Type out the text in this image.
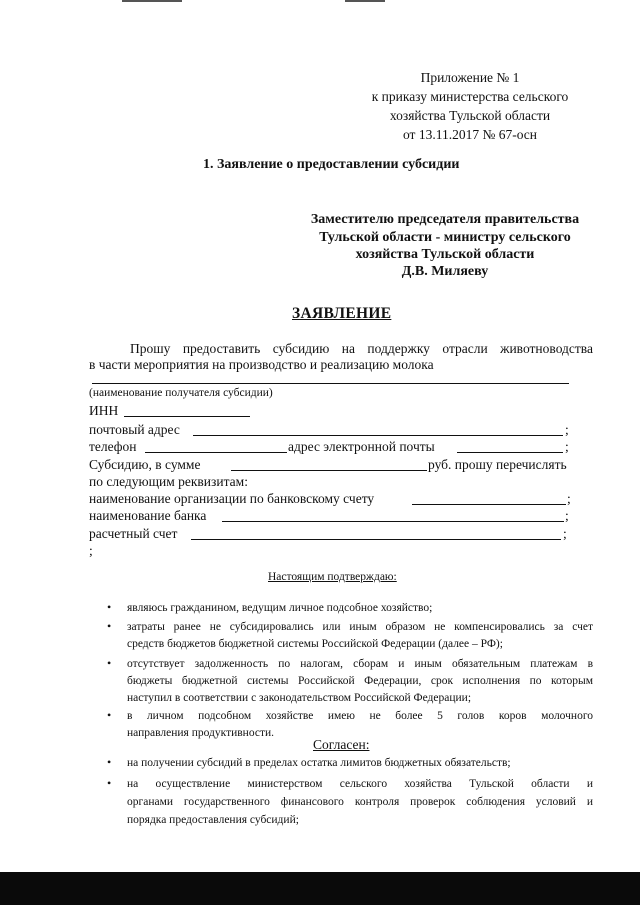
Приложение № 1
к приказу министерства сельского
хозяйства Тульской области
от 13.11.2017 № 67-осн
1. Заявление о предоставлении субсидии
Заместителю председателя правительства
Тульской области - министру сельского
хозяйства Тульской области
Д.В. Миляеву
ЗАЯВЛЕНИЕ
Прошу предоставить субсидию на поддержку отрасли животноводства
в части мероприятия на производство и реализацию молока
(наименование получателя субсидии)
ИНН
почтовый адрес	;
телефон	адрес электронной почты	;
Субсидию, в сумме	руб. прошу перечислять
по следующим реквизитам:
наименование организации по банковскому счету	;
наименование банка	;
расчетный счет	;
;
Настоящим подтверждаю:
• являюсь гражданином, ведущим личное подсобное хозяйство;
• затраты ранее не субсидировались или иным образом не компенсировались за счет
средств бюджетов бюджетной системы Российской Федерации (далее – РФ);
• отсутствует задолженность по налогам, сборам и иным обязательным платежам в
бюджеты бюджетной системы Российской Федерации, срок исполнения по которым
наступил в соответствии с законодательством Российской Федерации;
• в личном подсобном хозяйстве имею не более 5 голов коров молочного
направления продуктивности.
Согласен:
• на получении субсидий в пределах остатка лимитов бюджетных обязательств;
• на осуществление министерством сельского хозяйства Тульской области и
органами государственного финансового контроля проверок соблюдения условий и
порядка предоставления субсидий;
